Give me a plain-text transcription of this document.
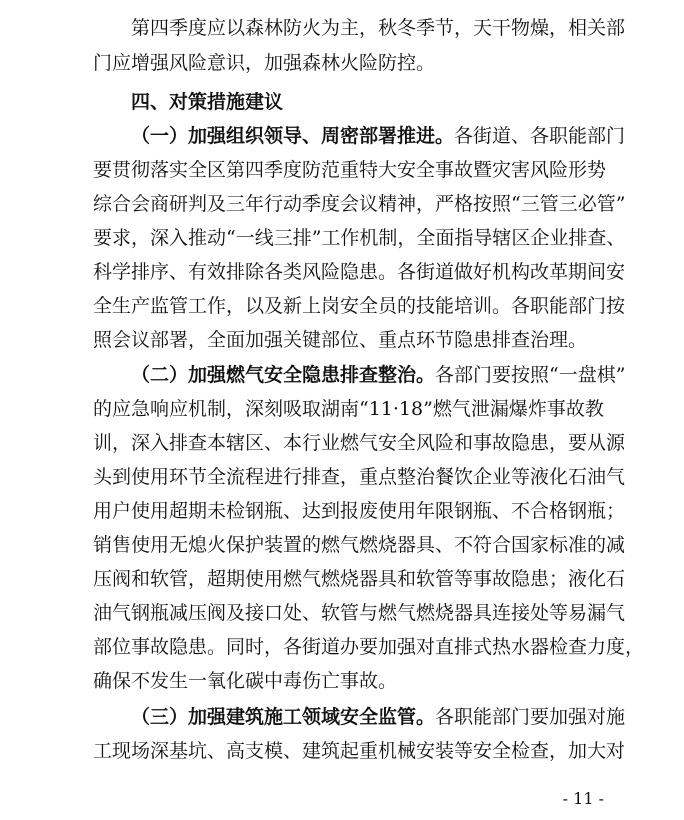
第四季度应以森林防火为主，秋冬季节，天干物燥，相关部
门应增强风险意识，加强森林火险防控。
四、对策措施建议
（一）加强组织领导、周密部署推进。各街道、各职能部门
要贯彻落实全区第四季度防范重特大安全事故暨灾害风险形势
综合会商研判及三年行动季度会议精神，严格按照“三管三必管”
要求，深入推动“一线三排”工作机制，全面指导辖区企业排查、
科学排序、有效排除各类风险隐患。各街道做好机构改革期间安
全生产监管工作，以及新上岗安全员的技能培训。各职能部门按
照会议部署，全面加强关键部位、重点环节隐患排查治理。
（二）加强燃气安全隐患排查整治。各部门要按照“一盘棋”
的应急响应机制，深刻吸取湖南“11·18”燃气泄漏爆炸事故教
训，深入排查本辖区、本行业燃气安全风险和事故隐患，要从源
头到使用环节全流程进行排查，重点整治餐饮企业等液化石油气
用户使用超期未检钢瓶、达到报废使用年限钢瓶、不合格钢瓶；
销售使用无熄火保护装置的燃气燃烧器具、不符合国家标准的减
压阀和软管，超期使用燃气燃烧器具和软管等事故隐患；液化石
油气钢瓶减压阀及接口处、软管与燃气燃烧器具连接处等易漏气
部位事故隐患。同时，各街道办要加强对直排式热水器检查力度，
确保不发生一氧化碳中毒伤亡事故。
（三）加强建筑施工领域安全监管。各职能部门要加强对施
工现场深基坑、高支模、建筑起重机械安装等安全检查，加大对
- 11 -
